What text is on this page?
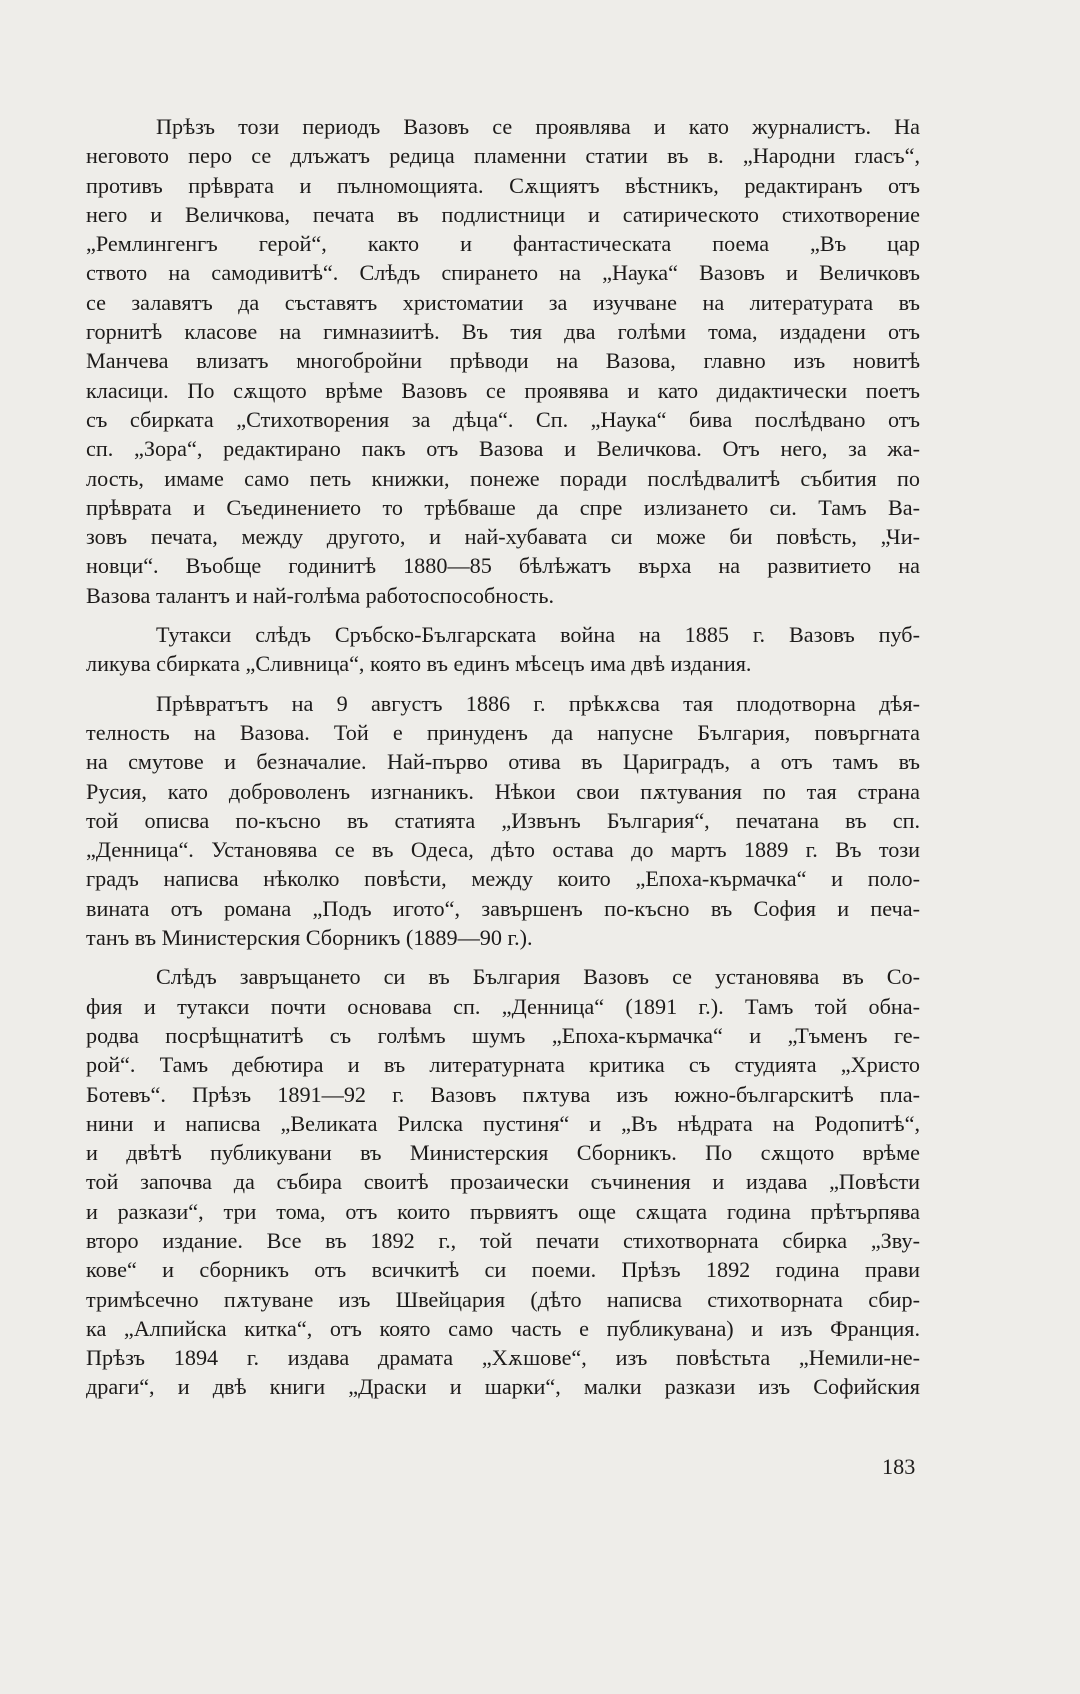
Прѣзъ този периодъ Вазовъ се проявлява и като журналистъ. На
неговото перо се длъжатъ редица пламенни статии въ в. „Народни гласъ“,
противъ прѣврата и пълномощията. Сѫщиятъ вѣстникъ, редактиранъ отъ
него и Величкова, печата въ подлистници и сатирическото стихотворение
„Ремлингенгъ герой“, както и фантастическата поема „Въ цар
ството на самодивитѣ“. Слѣдъ спирането на „Наука“ Вазовъ и Величковъ
се залавятъ да съставятъ христоматии за изучване на литературата въ
горнитѣ класове на гимназиитѣ. Въ тия два голѣми тома, издадени отъ
Манчева влизатъ многобройни прѣводи на Вазова, главно изъ новитѣ
класици. По сѫщото врѣме Вазовъ се проявява и като дидактически поетъ
съ сбирката „Стихотворения за дѣца“. Сп. „Наука“ бива послѣдвано отъ
сп. „Зора“, редактирано пакъ отъ Вазова и Величкова. Отъ него, за жа-
лость, имаме само петь книжки, понеже поради послѣдвалитѣ събития по
прѣврата и Съединението то трѣбваше да спре излизането си. Тамъ Ва-
зовъ печата, между другото, и най-хубавата си може би повѣсть, „Чи-
новци“. Въобще годинитѣ 1880—85 бѣлѣжатъ върха на развитието на
Вазова талантъ и най-голѣма работоспособность.
Тутакси слѣдъ Сръбско-Българската война на 1885 г. Вазовъ пуб-
ликува сбирката „Сливница“, която въ единъ мѣсецъ има двѣ издания.
Прѣвратътъ на 9 августъ 1886 г. прѣкѫсва тая плодотворна дѣя-
телность на Вазова. Той е принуденъ да напусне България, повъргната
на смутове и безначалие. Най-първо отива въ Цариградъ, а отъ тамъ въ
Русия, като доброволенъ изгнаникъ. Нѣкои свои пѫтувания по тая страна
той описва по-късно въ статията „Извънъ България“, печатана въ сп.
„Денница“. Установява се въ Одеса, дѣто остава до мартъ 1889 г. Въ този
градъ написва нѣколко повѣсти, между които „Епоха-кърмачка“ и поло-
вината отъ романа „Подъ игото“, завършенъ по-късно въ София и печа-
танъ въ Министерския Сборникъ (1889—90 г.).
Слѣдъ завръщането си въ България Вазовъ се установява въ Со-
фия и тутакси почти основава сп. „Денница“ (1891 г.). Тамъ той обна-
родва посрѣщнатитѣ съ голѣмъ шумъ „Епоха-кърмачка“ и „Тъменъ ге-
рой“. Тамъ дебютира и въ литературната критика съ студията „Христо
Ботевъ“. Прѣзъ 1891—92 г. Вазовъ пѫтува изъ южно-българскитѣ пла-
нини и написва „Великата Рилска пустиня“ и „Въ нѣдрата на Родопитѣ“,
и двѣтѣ публикувани въ Министерския Сборникъ. По сѫщото врѣме
той започва да събира своитѣ прозаически съчинения и издава „Повѣсти
и разкази“, три тома, отъ които първиятъ още сѫщата година прѣтърпява
второ издание. Все въ 1892 г., той печати стихотворната сбирка „Зву-
кове“ и сборникъ отъ всичкитѣ си поеми. Прѣзъ 1892 година прави
тримѣсечно пѫтуване изъ Швейцария (дѣто написва стихотворната сбир-
ка „Алпийска китка“, отъ която само часть е публикувана) и изъ Франция.
Прѣзъ 1894 г. издава драмата „Хѫшове“, изъ повѣстьта „Немили-не-
драги“, и двѣ книги „Драски и шарки“, малки разкази изъ Софийския

183
